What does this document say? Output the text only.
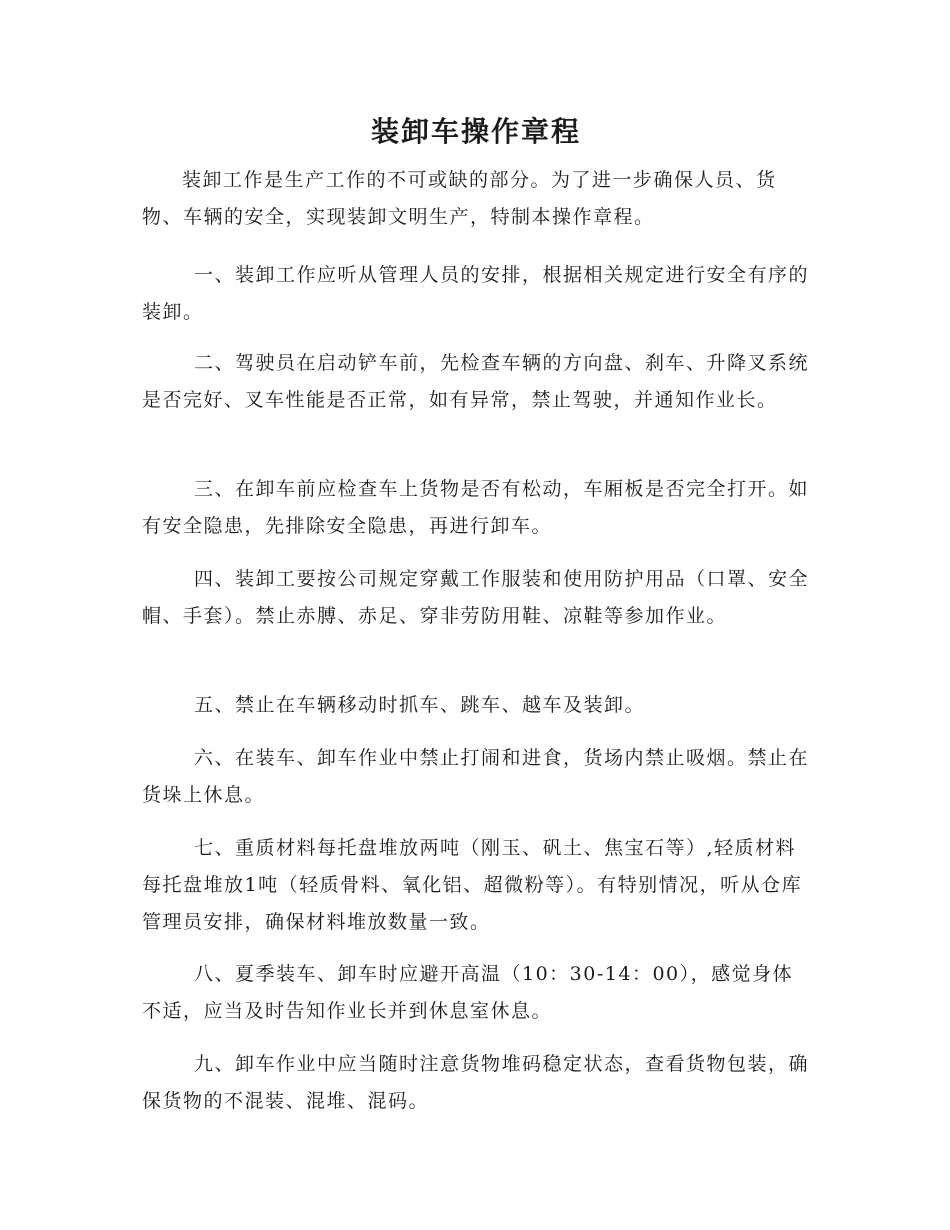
装卸车操作章程

装卸工作是生产工作的不可或缺的部分。为了进一步确保人员、货物、车辆的安全，实现装卸文明生产，特制本操作章程。

一、装卸工作应听从管理人员的安排，根据相关规定进行安全有序的装卸。

二、驾驶员在启动铲车前，先检查车辆的方向盘、刹车、升降叉系统是否完好、叉车性能是否正常，如有异常，禁止驾驶，并通知作业长。

三、在卸车前应检查车上货物是否有松动，车厢板是否完全打开。如有安全隐患，先排除安全隐患，再进行卸车。

四、装卸工要按公司规定穿戴工作服装和使用防护用品（口罩、安全帽、手套）。禁止赤膊、赤足、穿非劳防用鞋、凉鞋等参加作业。

五、禁止在车辆移动时抓车、跳车、越车及装卸。

六、在装车、卸车作业中禁止打闹和进食，货场内禁止吸烟。禁止在货垛上休息。

七、重质材料每托盘堆放两吨（刚玉、矾土、焦宝石等）,轻质材料每托盘堆放1吨（轻质骨料、氧化铝、超微粉等）。有特别情况，听从仓库管理员安排，确保材料堆放数量一致。

八、夏季装车、卸车时应避开高温（10：30-14：00），感觉身体不适，应当及时告知作业长并到休息室休息。

九、卸车作业中应当随时注意货物堆码稳定状态，查看货物包装，确保货物的不混装、混堆、混码。
